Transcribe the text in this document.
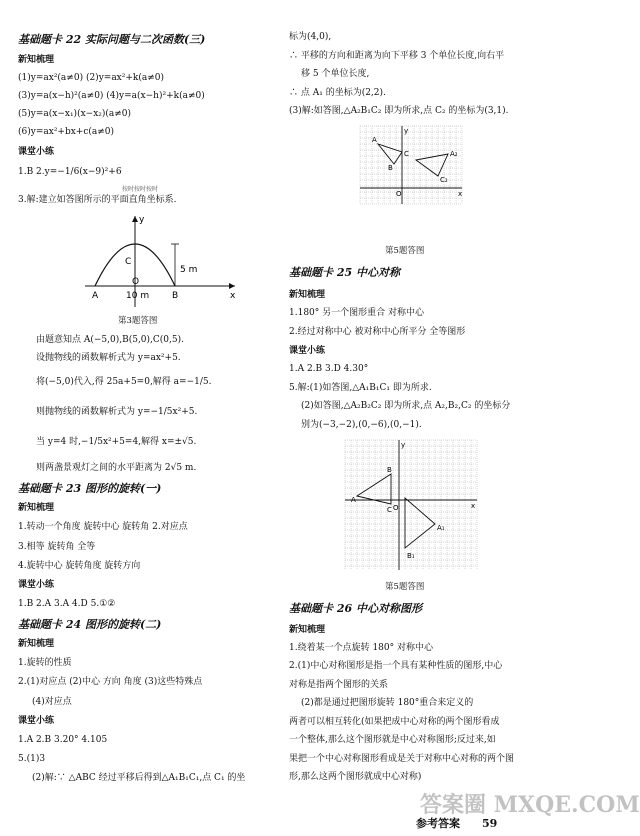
基础题卡 22 实际问题与二次函数(三)
新知梳理
(1)y=ax²(a≠0) (2)y=ax²+k(a≠0)
(3)y=a(x−h)²(a≠0) (4)y=a(x−h)²+k(a≠0)
(5)y=a(x−x₁)(x−x₂)(a≠0)
(6)y=ax²+bx+c(a≠0)
课堂小练
1.B 2.y=−1/6(x−9)²+6
按时按时按时
3.解:建立如答图所示的平面直角坐标系.
y
C
5 m
A
O
B	x
10 m
第3题答图
由题意知点 A(−5,0),B(5,0),C(0,5).
设抛物线的函数解析式为 y=ax²+5.
将(−5,0)代入,得 25a+5=0,解得 a=−1/5.
则抛物线的函数解析式为 y=−1/5x²+5.
当 y=4 时,−1/5x²+5=4,解得 x=±√5.
则两盏景观灯之间的水平距离为 2√5 m.
基础题卡 23 图形的旋转(一)
新知梳理
1.转动一个角度 旋转中心 旋转角 2.对应点
3.相等 旋转角 全等
4.旋转中心 旋转角度 旋转方向
课堂小练
1.B 2.A 3.A 4.D 5.①②
基础题卡 24 图形的旋转(二)
新知梳理
1.旋转的性质
2.(1)对应点 (2)中心 方向 角度 (3)这些特殊点
(4)对应点
课堂小练
1.A 2.B 3.20° 4.105
5.(1)3
(2)解:∵ △ABC 经过平移后得到△A₁B₁C₁,点 C₁ 的坐
标为(4,0),
∴ 平移的方向和距离为向下平移 3 个单位长度,向右平
移 5 个单位长度,
∴ 点 A₁ 的坐标为(2,2).
(3)解:如答图,△A₂B₁C₂ 即为所求,点 C₂ 的坐标为(3,1).
y
A
A₂
B
C
C₂
O	x
第5题答图
基础题卡 25 中心对称
新知梳理
1.180° 另一个图形重合 对称中心
2.经过对称中心 被对称中心所平分 全等图形
课堂小练
1.A 2.B 3.D 4.30°
5.解:(1)如答图,△A₁B₁C₁ 即为所求.
(2)如答图,△A₂B₂C₂ 即为所求,点 A₂,B₂,C₂ 的坐标分
别为(−3,−2),(0,−6),(0,−1).
y
A
B
C O
A₁
B₁
x
第5题答图
基础题卡 26 中心对称图形
新知梳理
1.绕着某一个点旋转 180° 对称中心
2.(1)中心对称图形是指一个具有某种性质的图形,中心
对称是指两个图形的关系
(2)都是通过把图形旋转 180°重合来定义的
两者可以相互转化(如果把成中心对称的两个图形看成
一个整体,那么这个图形就是中心对称图形;反过来,如
果把一个中心对称图形看成是关于对称中心对称的两个图
形,那么这两个图形就成中心对称)
答案圈 MXQE.COM
参考答案 59
